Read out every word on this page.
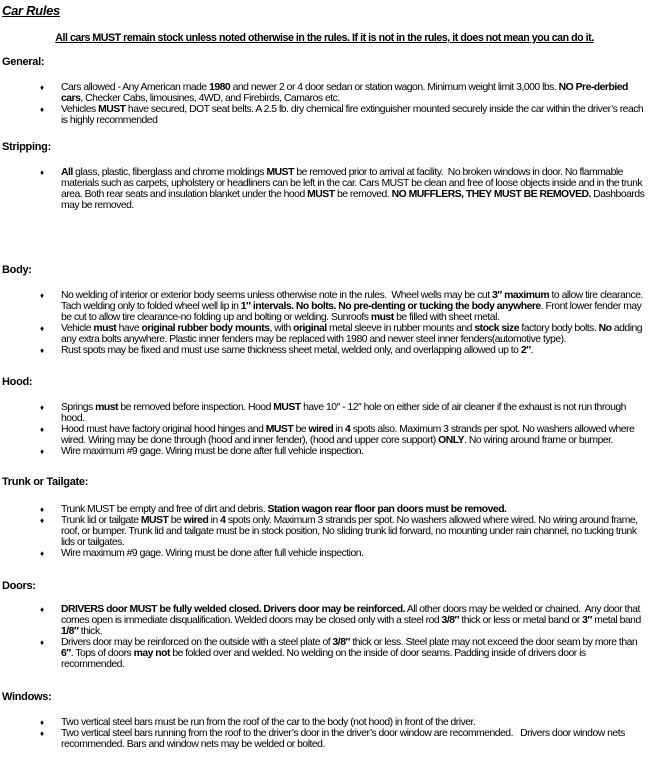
Car Rules

All cars MUST remain stock unless noted otherwise in the rules. If it is not in the rules, it does not mean you can do it.

General:
♦ Cars allowed - Any American made 1980 and newer 2 or 4 door sedan or station wagon. Minimum weight limit 3,000 lbs. NO Pre-derbied cars, Checker Cabs, limousines, 4WD, and Firebirds, Camaros etc.
♦ Vehicles MUST have secured, DOT seat belts. A 2.5 lb. dry chemical fire extinguisher mounted securely inside the car within the driver’s reach is highly recommended
Stripping:
♦ All glass, plastic, fiberglass and chrome moldings MUST be removed prior to arrival at facility.  No broken windows in door. No flammable materials such as carpets, upholstery or headliners can be left in the car. Cars MUST be clean and free of loose objects inside and in the trunk area. Both rear seats and insulation blanket under the hood MUST be removed. NO MUFFLERS, THEY MUST BE REMOVED. Dashboards may be removed.
Body:
♦ No welding of interior or exterior body seems unless otherwise note in the rules.  Wheel wells may be cut 3″ maximum to allow tire clearance. Tach welding only to folded wheel well lip in 1″ intervals. No bolts. No pre-denting or tucking the body anywhere. Front lower fender may be cut to allow tire clearance-no folding up and bolting or welding. Sunroofs must be filled with sheet metal.
♦ Vehicle must have original rubber body mounts, with original metal sleeve in rubber mounts and stock size factory body bolts. No adding any extra bolts anywhere. Plastic inner fenders may be replaced with 1980 and newer steel inner fenders(automotive type).
♦ Rust spots may be fixed and must use same thickness sheet metal, welded only, and overlapping allowed up to 2″.
Hood:
♦ Springs must be removed before inspection. Hood MUST have 10″ - 12″ hole on either side of air cleaner if the exhaust is not run through hood.
♦ Hood must have factory original hood hinges and MUST be wired in 4 spots also. Maximum 3 strands per spot. No washers allowed where wired. Wiring may be done through (hood and inner fender), (hood and upper core support) ONLY. No wiring around frame or bumper.
♦ Wire maximum #9 gage. Wiring must be done after full vehicle inspection.
Trunk or Tailgate:
♦ Trunk MUST be empty and free of dirt and debris. Station wagon rear floor pan doors must be removed.
♦ Trunk lid or tailgate MUST be wired in 4 spots only. Maximum 3 strands per spot. No washers allowed where wired. No wiring around frame, roof, or bumper. Trunk lid and tailgate must be in stock position, No sliding trunk lid forward, no mounting under rain channel, no tucking trunk lids or tailgates.
♦ Wire maximum #9 gage. Wiring must be done after full vehicle inspection.
Doors:
♦ DRIVERS door MUST be fully welded closed. Drivers door may be reinforced. All other doors may be welded or chained.  Any door that comes open is immediate disqualification. Welded doors may be closed only with a steel rod 3/8″ thick or less or metal band or 3″ metal band 1/8″ thick.
♦ Drivers door may be reinforced on the outside with a steel plate of 3/8″ thick or less. Steel plate may not exceed the door seam by more than 6″. Tops of doors may not be folded over and welded. No welding on the inside of door seams. Padding inside of drivers door is recommended.
Windows:
♦ Two vertical steel bars must be run from the roof of the car to the body (not hood) in front of the driver.
♦ Two vertical steel bars running from the roof to the driver’s door in the driver’s door window are recommended.   Drivers door window nets recommended. Bars and window nets may be welded or bolted.
